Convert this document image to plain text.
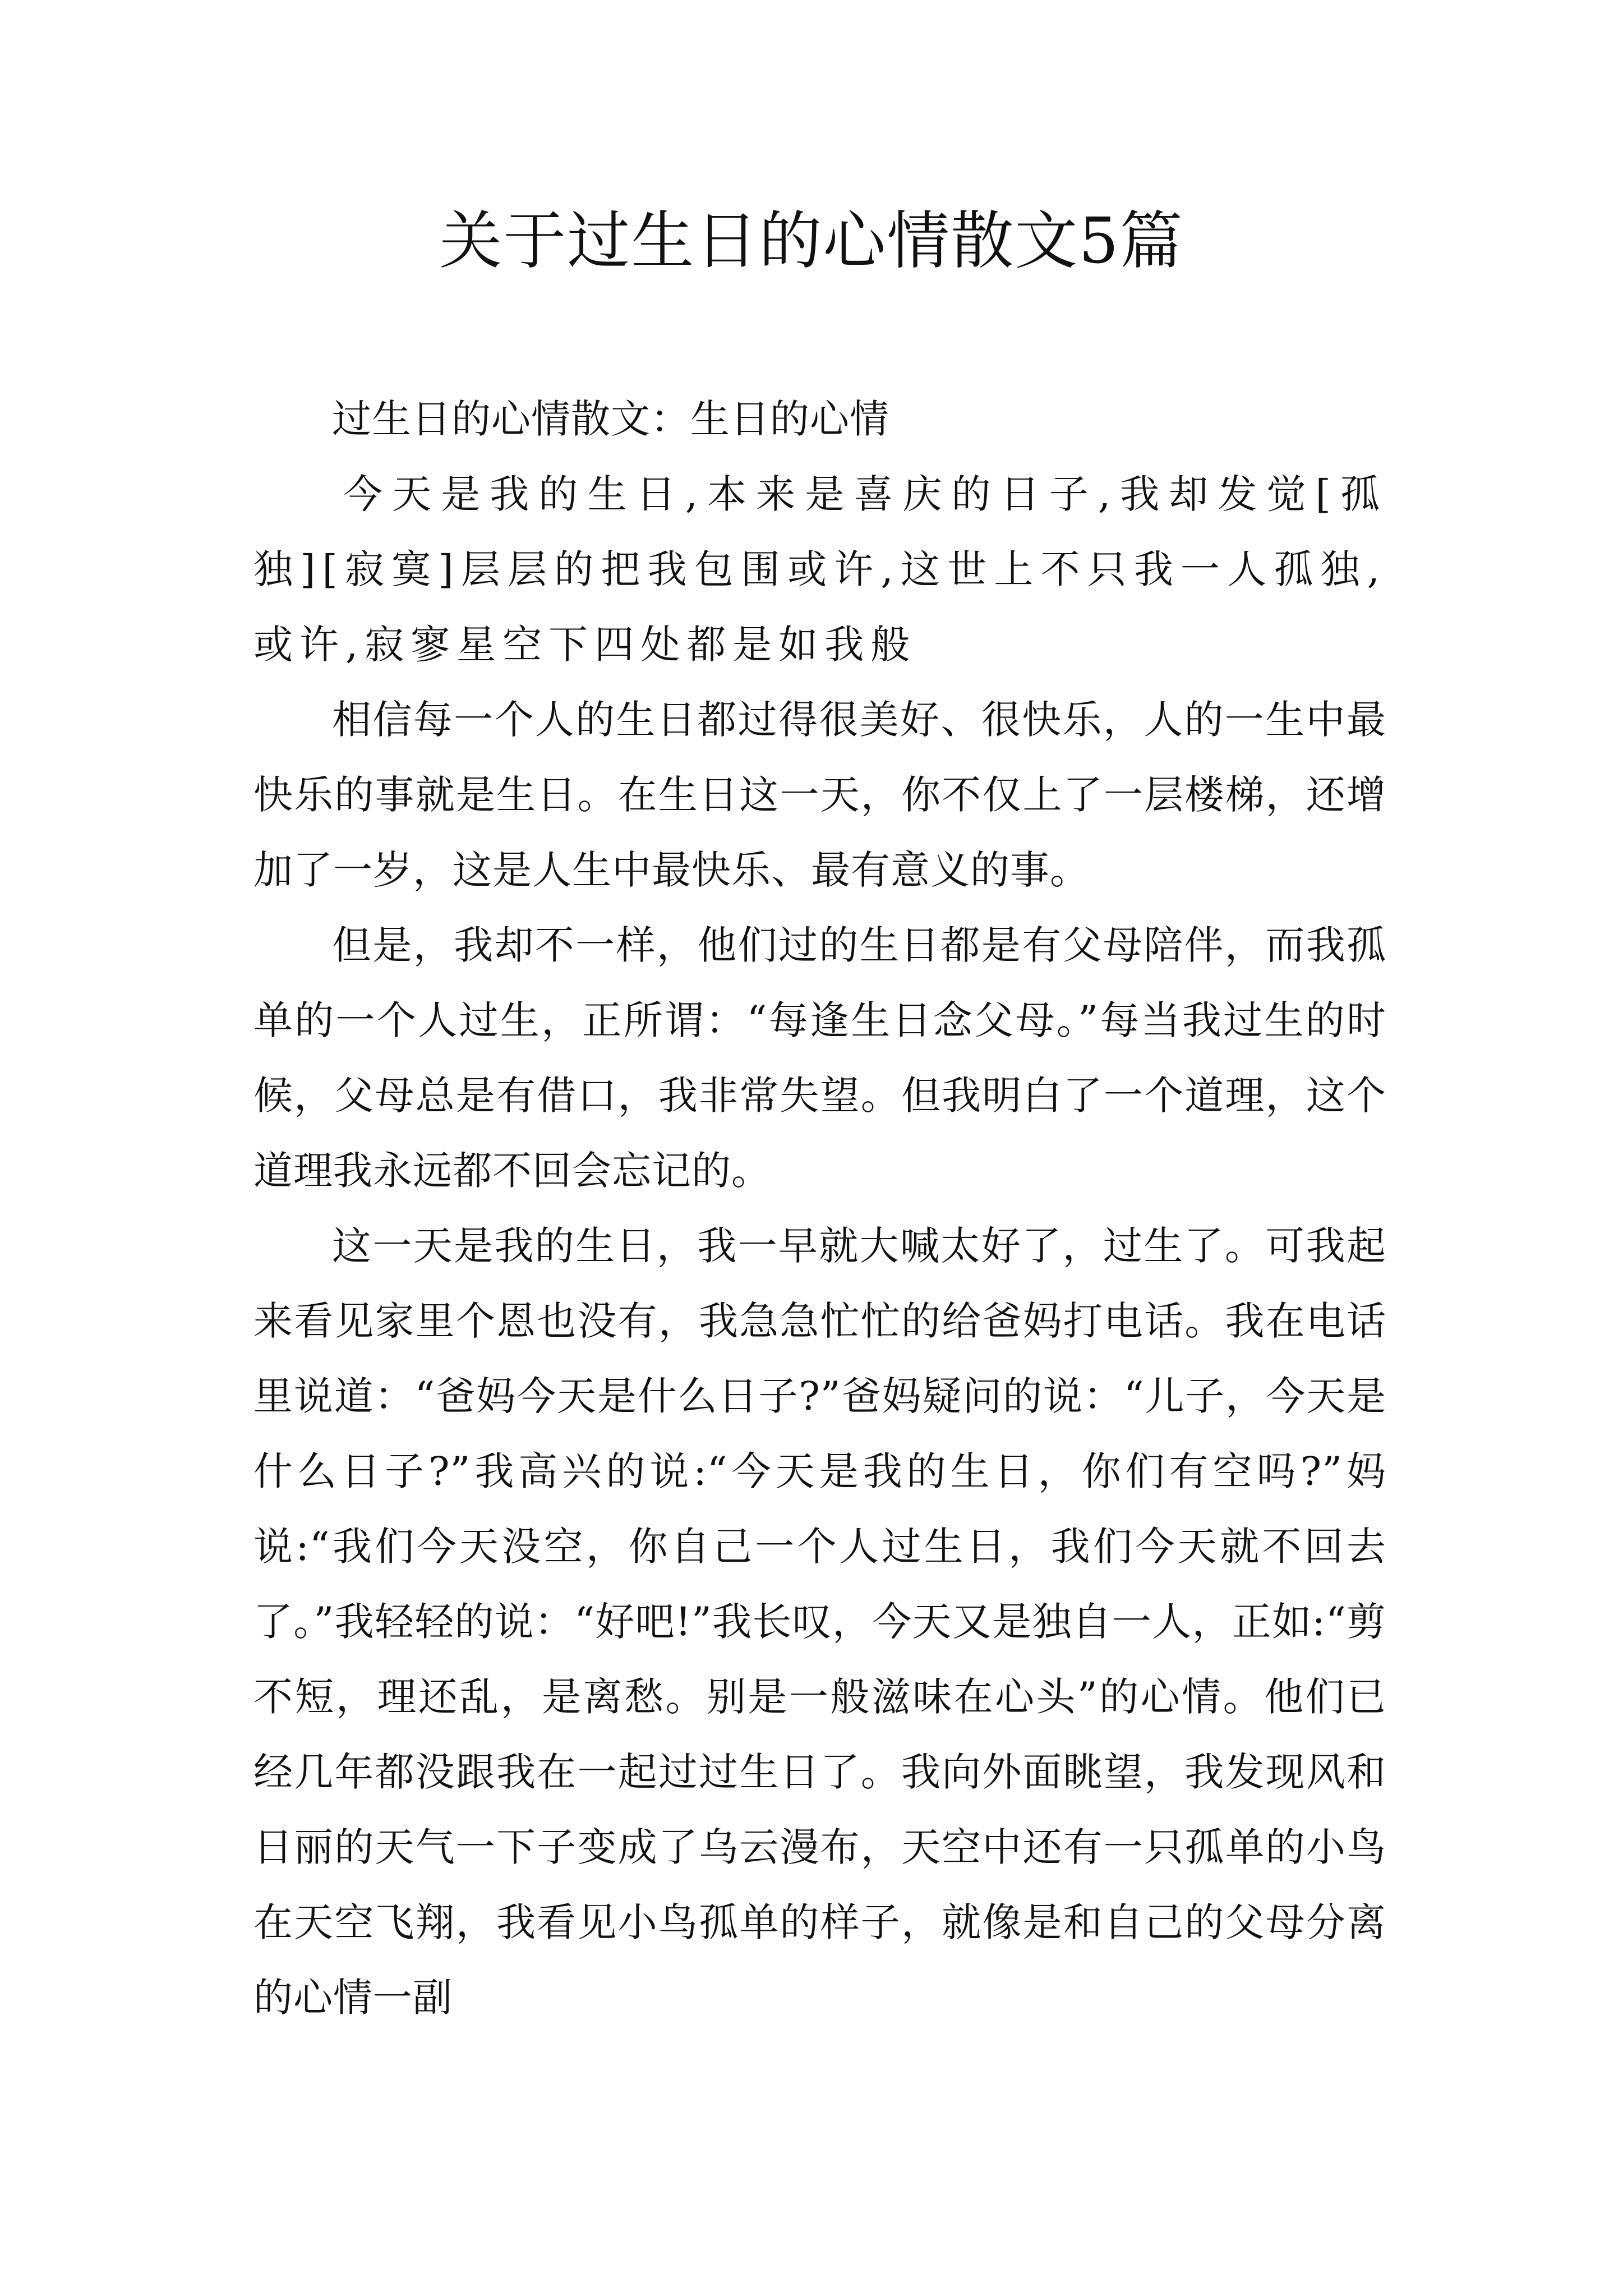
关于过生日的心情散文5篇

过生日的心情散文：生日的心情

今天是我的生日,本来是喜庆的日子,我却发觉[孤独][寂寞]层层的把我包围或许,这世上不只我一人孤独,或许,寂寥星空下四处都是如我般

相信每一个人的生日都过得很美好、很快乐，人的一生中最快乐的事就是生日。在生日这一天，你不仅上了一层楼梯，还增加了一岁，这是人生中最快乐、最有意义的事。

但是，我却不一样，他们过的生日都是有父母陪伴，而我孤单的一个人过生，正所谓：“每逢生日念父母。”每当我过生的时候，父母总是有借口，我非常失望。但我明白了一个道理，这个道理我永远都不回会忘记的。

这一天是我的生日，我一早就大喊太好了，过生了。可我起来看见家里个恩也没有，我急急忙忙的给爸妈打电话。我在电话里说道：“爸妈今天是什么日子?”爸妈疑问的说：“儿子，今天是什么日子?”我高兴的说:“今天是我的生日，你们有空吗?”妈说:“我们今天没空，你自己一个人过生日，我们今天就不回去了。”我轻轻的说：“好吧!”我长叹，今天又是独自一人，正如:“剪不短，理还乱，是离愁。别是一般滋味在心头”的心情。他们已经几年都没跟我在一起过过生日了。我向外面眺望，我发现风和日丽的天气一下子变成了乌云漫布，天空中还有一只孤单的小鸟在天空飞翔，我看见小鸟孤单的样子，就像是和自己的父母分离的心情一副
